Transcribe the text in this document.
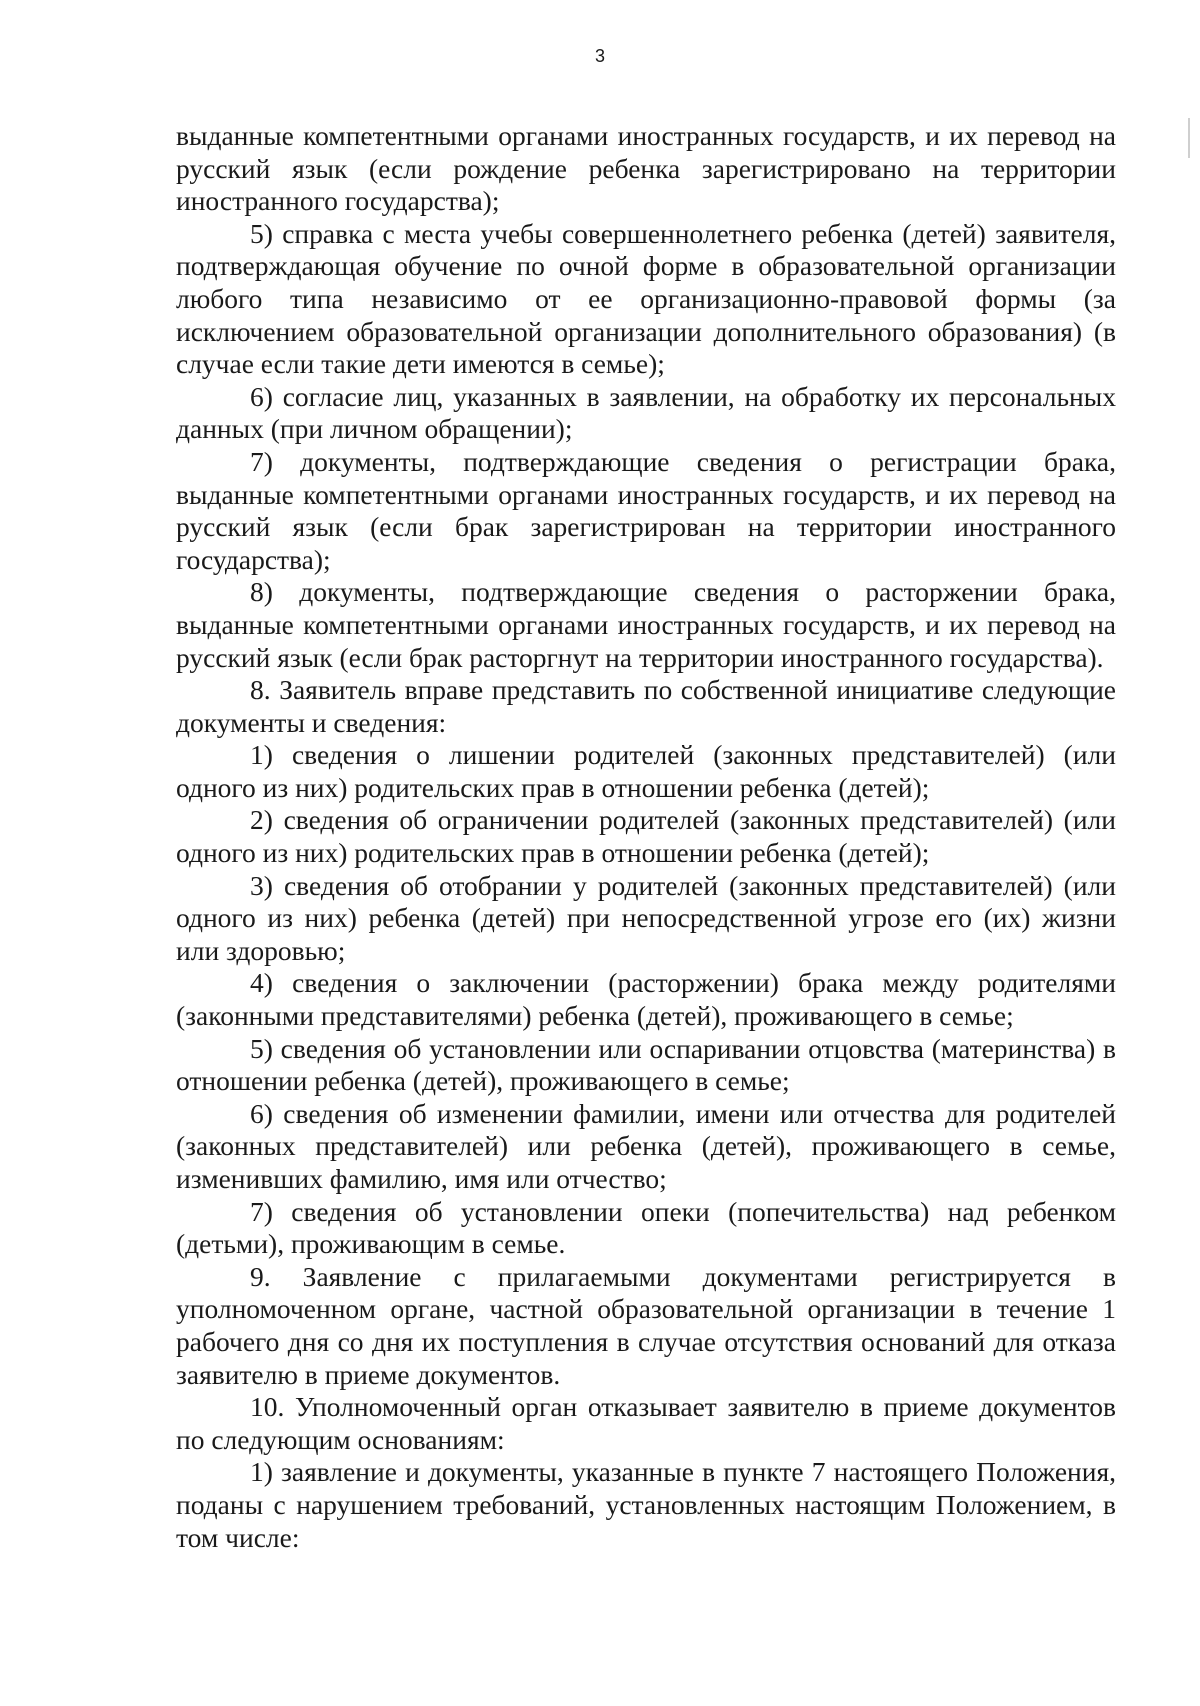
3

выданные компетентными органами иностранных государств, и их перевод на русский язык (если рождение ребенка зарегистрировано на территории иностранного государства);

5) справка с места учебы совершеннолетнего ребенка (детей) заявителя, подтверждающая обучение по очной форме в образовательной организации любого типа независимо от ее организационно-правовой формы (за исключением образовательной организации дополнительного образования) (в случае если такие дети имеются в семье);

6) согласие лиц, указанных в заявлении, на обработку их персональных данных (при личном обращении);

7) документы, подтверждающие сведения о регистрации брака, выданные компетентными органами иностранных государств, и их перевод на русский язык (если брак зарегистрирован на территории иностранного государства);

8) документы, подтверждающие сведения о расторжении брака, выданные компетентными органами иностранных государств, и их перевод на русский язык (если брак расторгнут на территории иностранного государства).

8. Заявитель вправе представить по собственной инициативе следующие документы и сведения:

1) сведения о лишении родителей (законных представителей) (или одного из них) родительских прав в отношении ребенка (детей);

2) сведения об ограничении родителей (законных представителей) (или одного из них) родительских прав в отношении ребенка (детей);

3) сведения об отобрании у родителей (законных представителей) (или одного из них) ребенка (детей) при непосредственной угрозе его (их) жизни или здоровью;

4) сведения о заключении (расторжении) брака между родителями (законными представителями) ребенка (детей), проживающего в семье;

5) сведения об установлении или оспаривании отцовства (материнства) в отношении ребенка (детей), проживающего в семье;

6) сведения об изменении фамилии, имени или отчества для родителей (законных представителей) или ребенка (детей), проживающего в семье, изменивших фамилию, имя или отчество;

7) сведения об установлении опеки (попечительства) над ребенком (детьми), проживающим в семье.

9. Заявление с прилагаемыми документами регистрируется в уполномоченном органе, частной образовательной организации в течение 1 рабочего дня со дня их поступления в случае отсутствия оснований для отказа заявителю в приеме документов.

10. Уполномоченный орган отказывает заявителю в приеме документов по следующим основаниям:

1) заявление и документы, указанные в пункте 7 настоящего Положения, поданы с нарушением требований, установленных настоящим Положением, в том числе:
